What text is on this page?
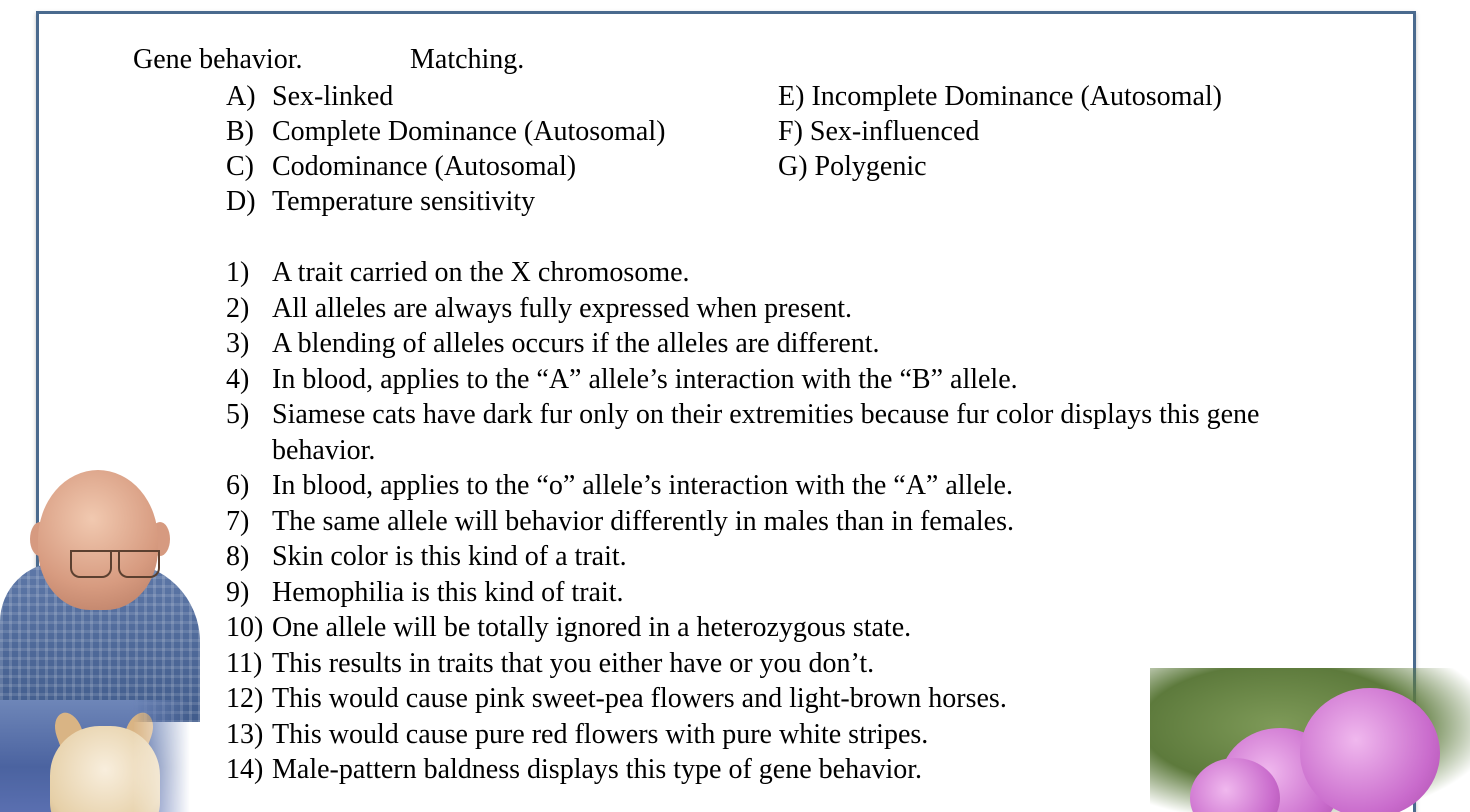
Gene behavior.	Matching.
A) Sex-linked
B) Complete Dominance (Autosomal)
C) Codominance (Autosomal)
D) Temperature sensitivity
E) Incomplete Dominance (Autosomal)
F) Sex-influenced
G) Polygenic
1) A trait carried on the X chromosome.
2) All alleles are always fully expressed when present.
3) A blending of alleles occurs if the alleles are different.
4) In blood, applies to the “A” allele’s interaction with the “B” allele.
5) Siamese cats have dark fur only on their extremities because fur color displays this gene behavior.
6) In blood, applies to the “o” allele’s interaction with the “A” allele.
7) The same allele will behavior differently in males than in females.
8) Skin color is this kind of a trait.
9) Hemophilia is this kind of trait.
10) One allele will be totally ignored in a heterozygous state.
11) This results in traits that you either have or you don’t.
12) This would cause pink sweet-pea flowers and light-brown horses.
13) This would cause pure red flowers with pure white stripes.
14) Male-pattern baldness displays this type of gene behavior.
